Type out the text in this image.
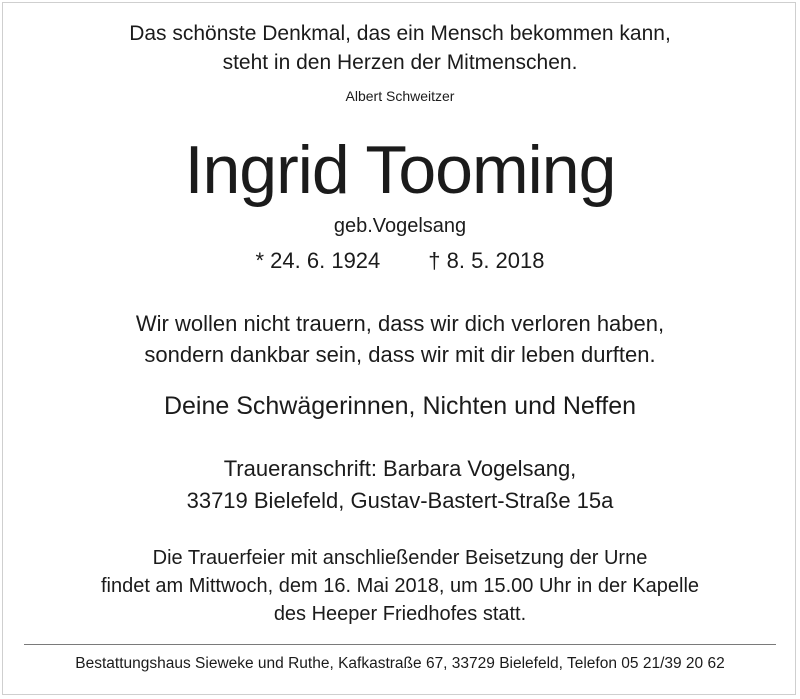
Das schönste Denkmal, das ein Mensch bekommen kann,

steht in den Herzen der Mitmenschen.

Albert Schweitzer

Ingrid Tooming

geb.Vogelsang

* 24. 6. 1924 † 8. 5. 2018

Wir wollen nicht trauern, dass wir dich verloren haben,

sondern dankbar sein, dass wir mit dir leben durften.

Deine Schwägerinnen, Nichten und Neffen

Traueranschrift: Barbara Vogelsang,

33719 Bielefeld, Gustav-Bastert-Straße 15a

Die Trauerfeier mit anschließender Beisetzung der Urne

findet am Mittwoch, dem 16. Mai 2018, um 15.00 Uhr in der Kapelle

des Heeper Friedhofes statt.

Bestattungshaus Sieweke und Ruthe, Kafkastraße 67, 33729 Bielefeld, Telefon 05 21/39 20 62
